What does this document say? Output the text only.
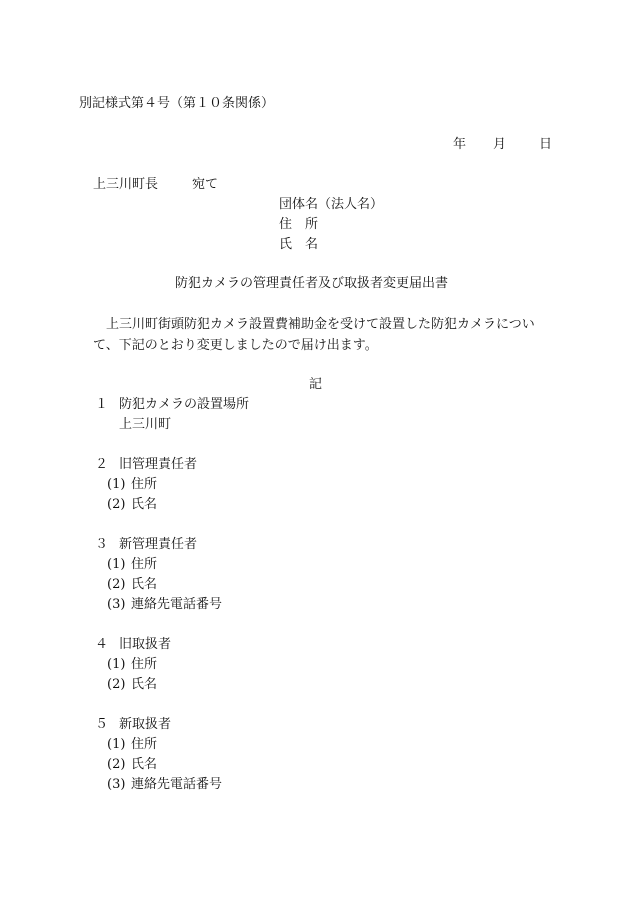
別記様式第４号（第１０条関係）
年 月	日
上三川町長	宛て
団体名（法人名）
住　所
氏　名
防犯カメラの管理責任者及び取扱者変更届出書
上三川町街頭防犯カメラ設置費補助金を受けて設置した防犯カメラについ
て、下記のとおり変更しましたので届け出ます。
記
１ 防犯カメラの設置場所
上三川町
２ 旧管理責任者
(1) 住所
(2) 氏名
３ 新管理責任者
(1) 住所
(2) 氏名
(3) 連絡先電話番号
４ 旧取扱者
(1) 住所
(2) 氏名
５ 新取扱者
(1) 住所
(2) 氏名
(3) 連絡先電話番号
